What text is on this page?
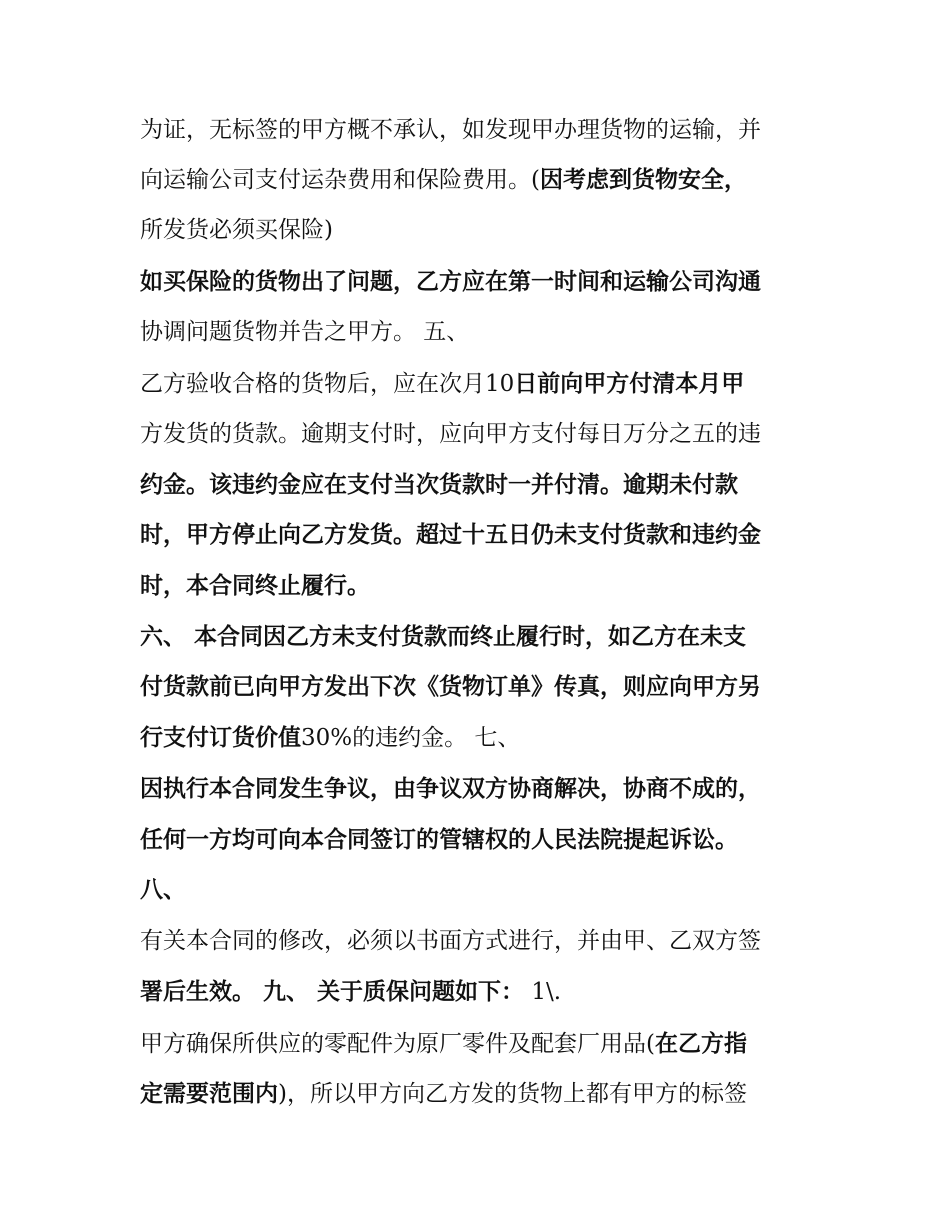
为证，无标签的甲方概不承认，如发现甲办理货物的运输，并
向运输公司支付运杂费用和保险费用。(因考虑到货物安全，
所发货必须买保险)
如买保险的货物出了问题，乙方应在第一时间和运输公司沟通
协调问题货物并告之甲方。 五、
乙方验收合格的货物后，应在次月10日前向甲方付清本月甲
方发货的货款。逾期支付时，应向甲方支付每日万分之五的违
约金。该违约金应在支付当次货款时一并付清。逾期未付款
时，甲方停止向乙方发货。超过十五日仍未支付货款和违约金
时，本合同终止履行。
六、 本合同因乙方未支付货款而终止履行时，如乙方在未支
付货款前已向甲方发出下次《货物订单》传真，则应向甲方另
行支付订货价值30%的违约金。 七、
因执行本合同发生争议，由争议双方协商解决，协商不成的，
任何一方均可向本合同签订的管辖权的人民法院提起诉讼。
八、
有关本合同的修改，必须以书面方式进行，并由甲、乙双方签
署后生效。 九、 关于质保问题如下： 1\.
甲方确保所供应的零配件为原厂零件及配套厂用品(在乙方指
定需要范围内)，所以甲方向乙方发的货物上都有甲方的标签
